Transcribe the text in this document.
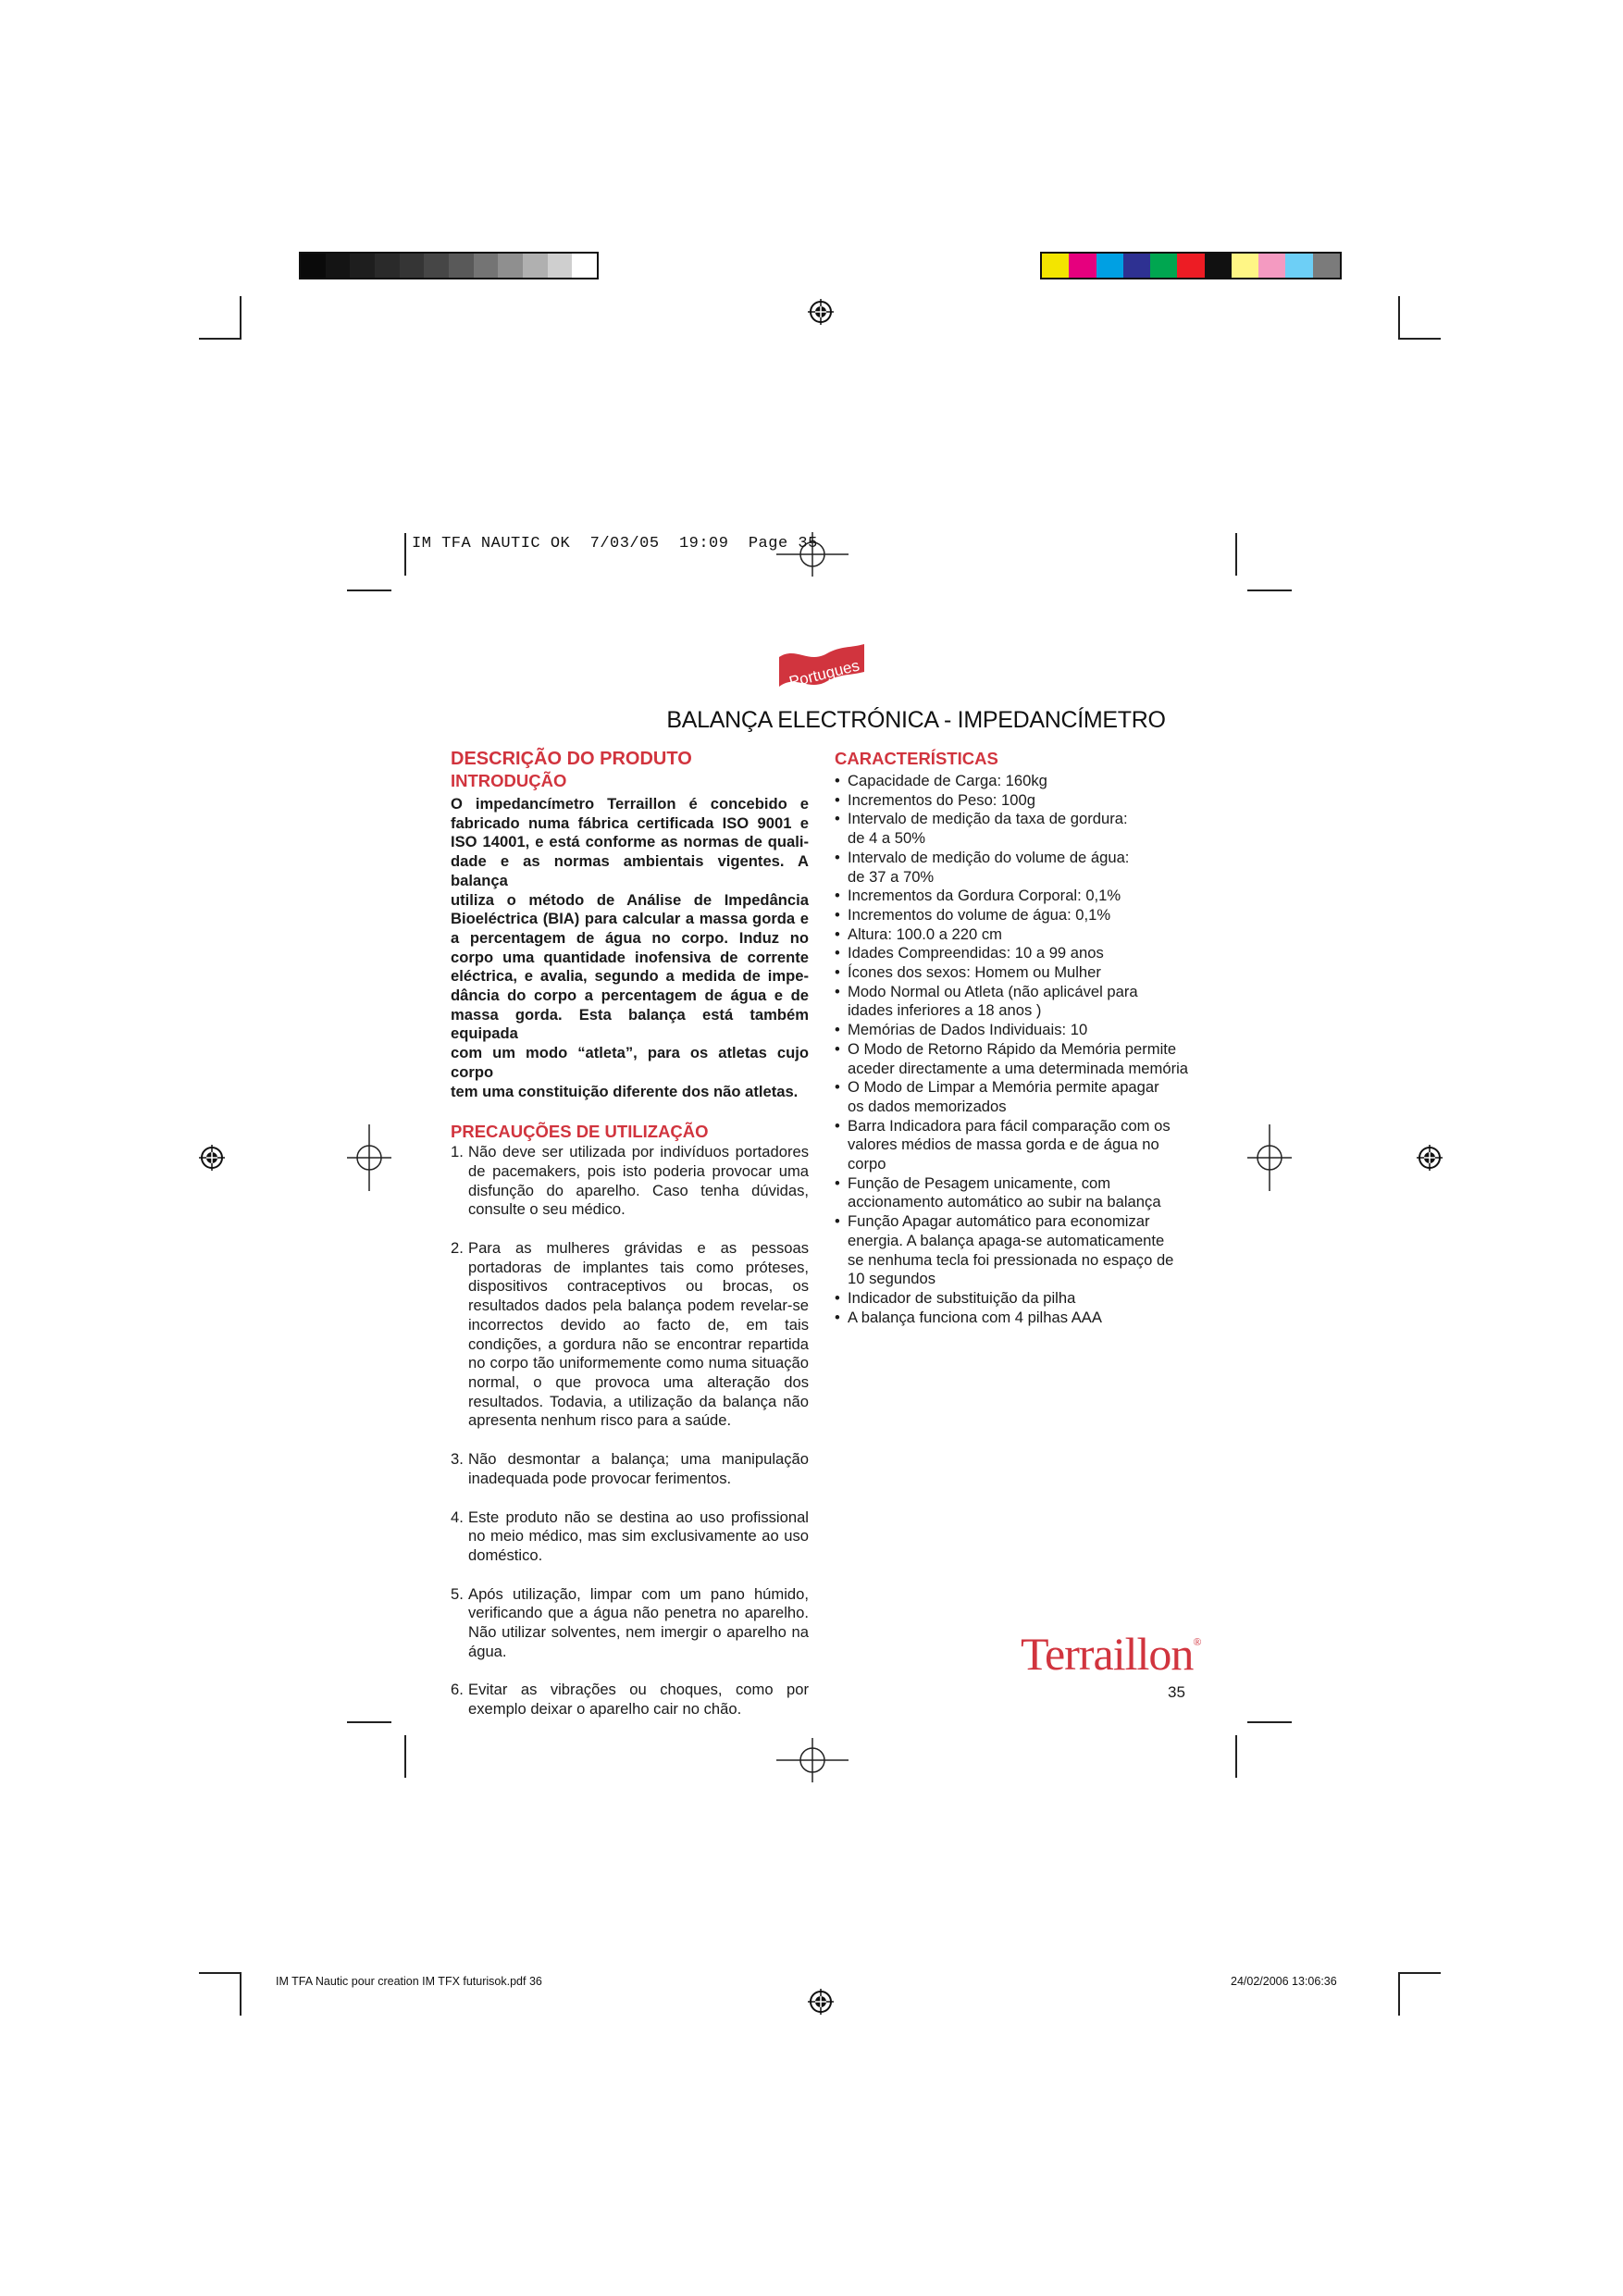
IM TFA NAUTIC OK  7/03/05  19:09  Page 35
Portugues
BALANÇA ELECTRÓNICA - IMPEDANCÍMETRO
DESCRIÇÃO DO PRODUTO
INTRODUÇÃO

O impedancímetro Terraillon é concebido e
fabricado numa fábrica certificada ISO 9001 e
ISO 14001, e está conforme as normas de quali-
dade e as normas ambientais vigentes. A balança
utiliza o método de Análise de Impedância
Bioeléctrica (BIA) para calcular a massa gorda e
a percentagem de água no corpo. Induz no
corpo uma quantidade inofensiva de corrente
eléctrica, e avalia, segundo a medida de impe-
dância do corpo a percentagem de água e de
massa gorda. Esta balança está também equipada
com um modo “atleta”, para os atletas cujo corpo
tem uma constituição diferente dos não atletas.

PRECAUÇÕES DE UTILIZAÇÃO
1. Não deve ser utilizada por indivíduos portadores de pacemakers, pois isto poderia provocar uma disfunção do aparelho. Caso tenha dúvidas, consulte o seu médico.
2. Para as mulheres grávidas e as pessoas portadoras de implantes tais como próteses, dispositivos contraceptivos ou brocas, os resultados dados pela balança podem revelar-se incorrectos devido ao facto de, em tais condições, a gordura não se encontrar repartida no corpo tão uniformemente como numa situação normal, o que provoca uma alteração dos resultados. Todavia, a utilização da balança não apresenta nenhum risco para a saúde.
3. Não desmontar a balança; uma manipulação inadequada pode provocar ferimentos.
4. Este produto não se destina ao uso profissional no meio médico, mas sim exclusivamente ao uso doméstico.
5. Após utilização, limpar com um pano húmido, verificando que a água não penetra no aparelho. Não utilizar solventes, nem imergir o aparelho na água.
6. Evitar as vibrações ou choques, como por exemplo deixar o aparelho cair no chão.
CARACTERÍSTICAS
• Capacidade de Carga: 160kg
• Incrementos do Peso: 100g
• Intervalo de medição da taxa de gordura:
de 4 a 50%
• Intervalo de medição do volume de água:
de 37 a 70%
• Incrementos da Gordura Corporal: 0,1%
• Incrementos do volume de água: 0,1%
• Altura: 100.0 a 220 cm
• Idades Compreendidas: 10 a 99 anos
• Ícones dos sexos: Homem ou Mulher
• Modo Normal ou Atleta (não aplicável para
idades inferiores a 18 anos )
• Memórias de Dados Individuais: 10
• O Modo de Retorno Rápido da Memória permite
aceder directamente a uma determinada memória
• O Modo de Limpar a Memória permite apagar
os dados memorizados
• Barra Indicadora para fácil comparação com os
valores médios de massa gorda e de água no
corpo
• Função de Pesagem unicamente, com
accionamento automático ao subir na balança
• Função Apagar automático para economizar
energia. A balança apaga-se automaticamente
se nenhuma tecla foi pressionada no espaço de
10 segundos
• Indicador de substituição da pilha
• A balança funciona com 4 pilhas AAA
Terraillon®
35
IM TFA Nautic pour creation IM TFX futurisok.pdf 36	24/02/2006 13:06:36
